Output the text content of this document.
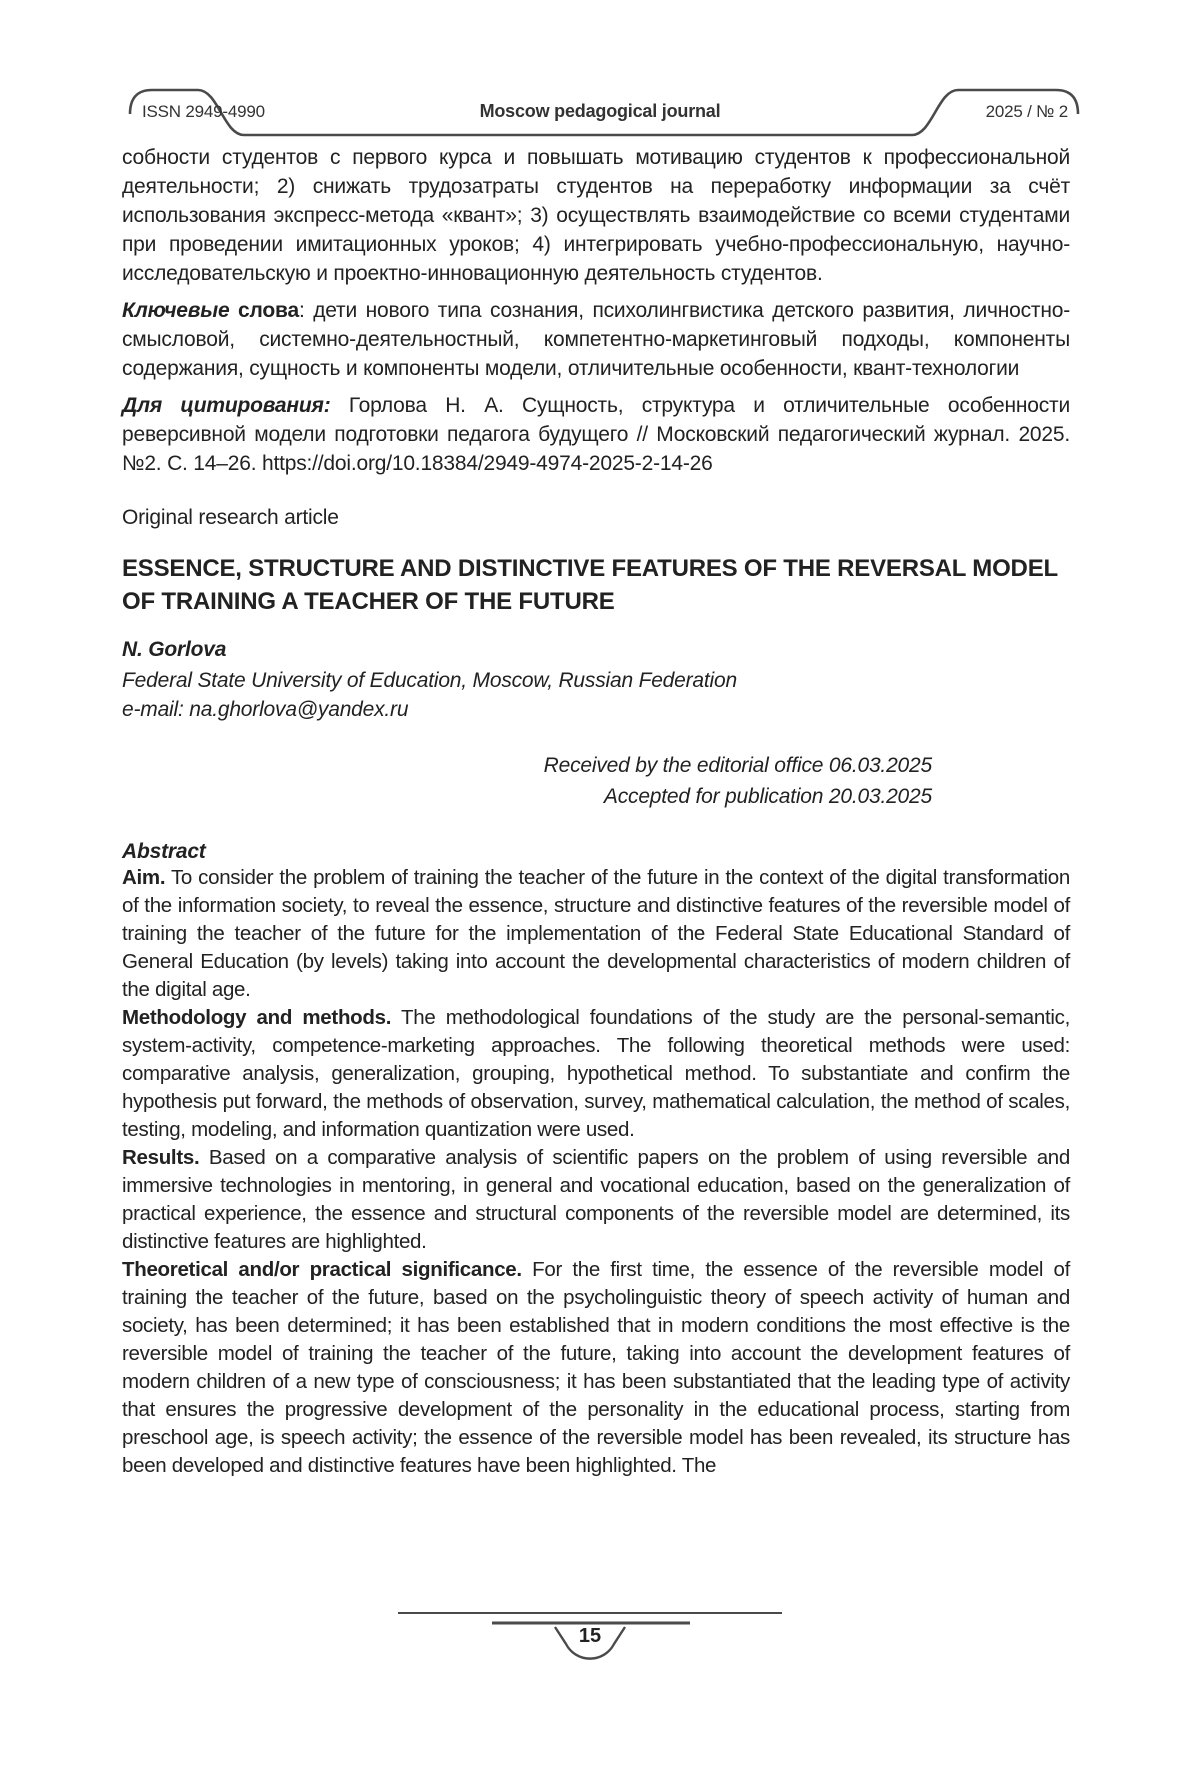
ISSN 2949-4990	Moscow pedagogical journal	2025 / № 2

собности студентов с первого курса и повышать мотивацию студентов к профессиональной деятельности; 2) снижать трудозатраты студентов на переработку информации за счёт использования экспресс-метода «квант»; 3) осуществлять взаимодействие со всеми студентами при проведении имитационных уроков; 4) интегрировать учебно-профессиональную, научно-исследовательскую и проектно-инновационную деятельность студентов.

Ключевые слова: дети нового типа сознания, психолингвистика детского развития, личностно-смысловой, системно-деятельностный, компетентно-маркетинговый подходы, компоненты содержания, сущность и компоненты модели, отличительные особенности, квант-технологии

Для цитирования: Горлова Н. А. Сущность, структура и отличительные особенности реверсивной модели подготовки педагога будущего // Московский педагогический журнал. 2025. №2. С. 14–26. https://doi.org/10.18384/2949-4974-2025-2-14-26

Original research article

ESSENCE, STRUCTURE AND DISTINCTIVE FEATURES OF THE REVERSAL MODEL OF TRAINING A TEACHER OF THE FUTURE

N. Gorlova

Federal State University of Education, Moscow, Russian Federation

e-mail: na.ghorlova@yandex.ru

Received by the editorial office 06.03.2025
Accepted for publication 20.03.2025

Abstract

Aim. To consider the problem of training the teacher of the future in the context of the digital transformation of the information society, to reveal the essence, structure and distinctive features of the reversible model of training the teacher of the future for the implementation of the Federal State Educational Standard of General Education (by levels) taking into account the developmental characteristics of modern children of the digital age.

Methodology and methods. The methodological foundations of the study are the personal-semantic, system-activity, competence-marketing approaches. The following theoretical methods were used: comparative analysis, generalization, grouping, hypothetical method. To substantiate and confirm the hypothesis put forward, the methods of observation, survey, mathematical calculation, the method of scales, testing, modeling, and information quantization were used.

Results. Based on a comparative analysis of scientific papers on the problem of using reversible and immersive technologies in mentoring, in general and vocational education, based on the generalization of practical experience, the essence and structural components of the reversible model are determined, its distinctive features are highlighted.

Theoretical and/or practical significance. For the first time, the essence of the reversible model of training the teacher of the future, based on the psycholinguistic theory of speech activity of human and society, has been determined; it has been established that in modern conditions the most effective is the reversible model of training the teacher of the future, taking into account the development features of modern children of a new type of consciousness; it has been substantiated that the leading type of activity that ensures the progressive development of the personality in the educational process, starting from preschool age, is speech activity; the essence of the reversible model has been revealed, its structure has been developed and distinctive features have been highlighted. The

15
